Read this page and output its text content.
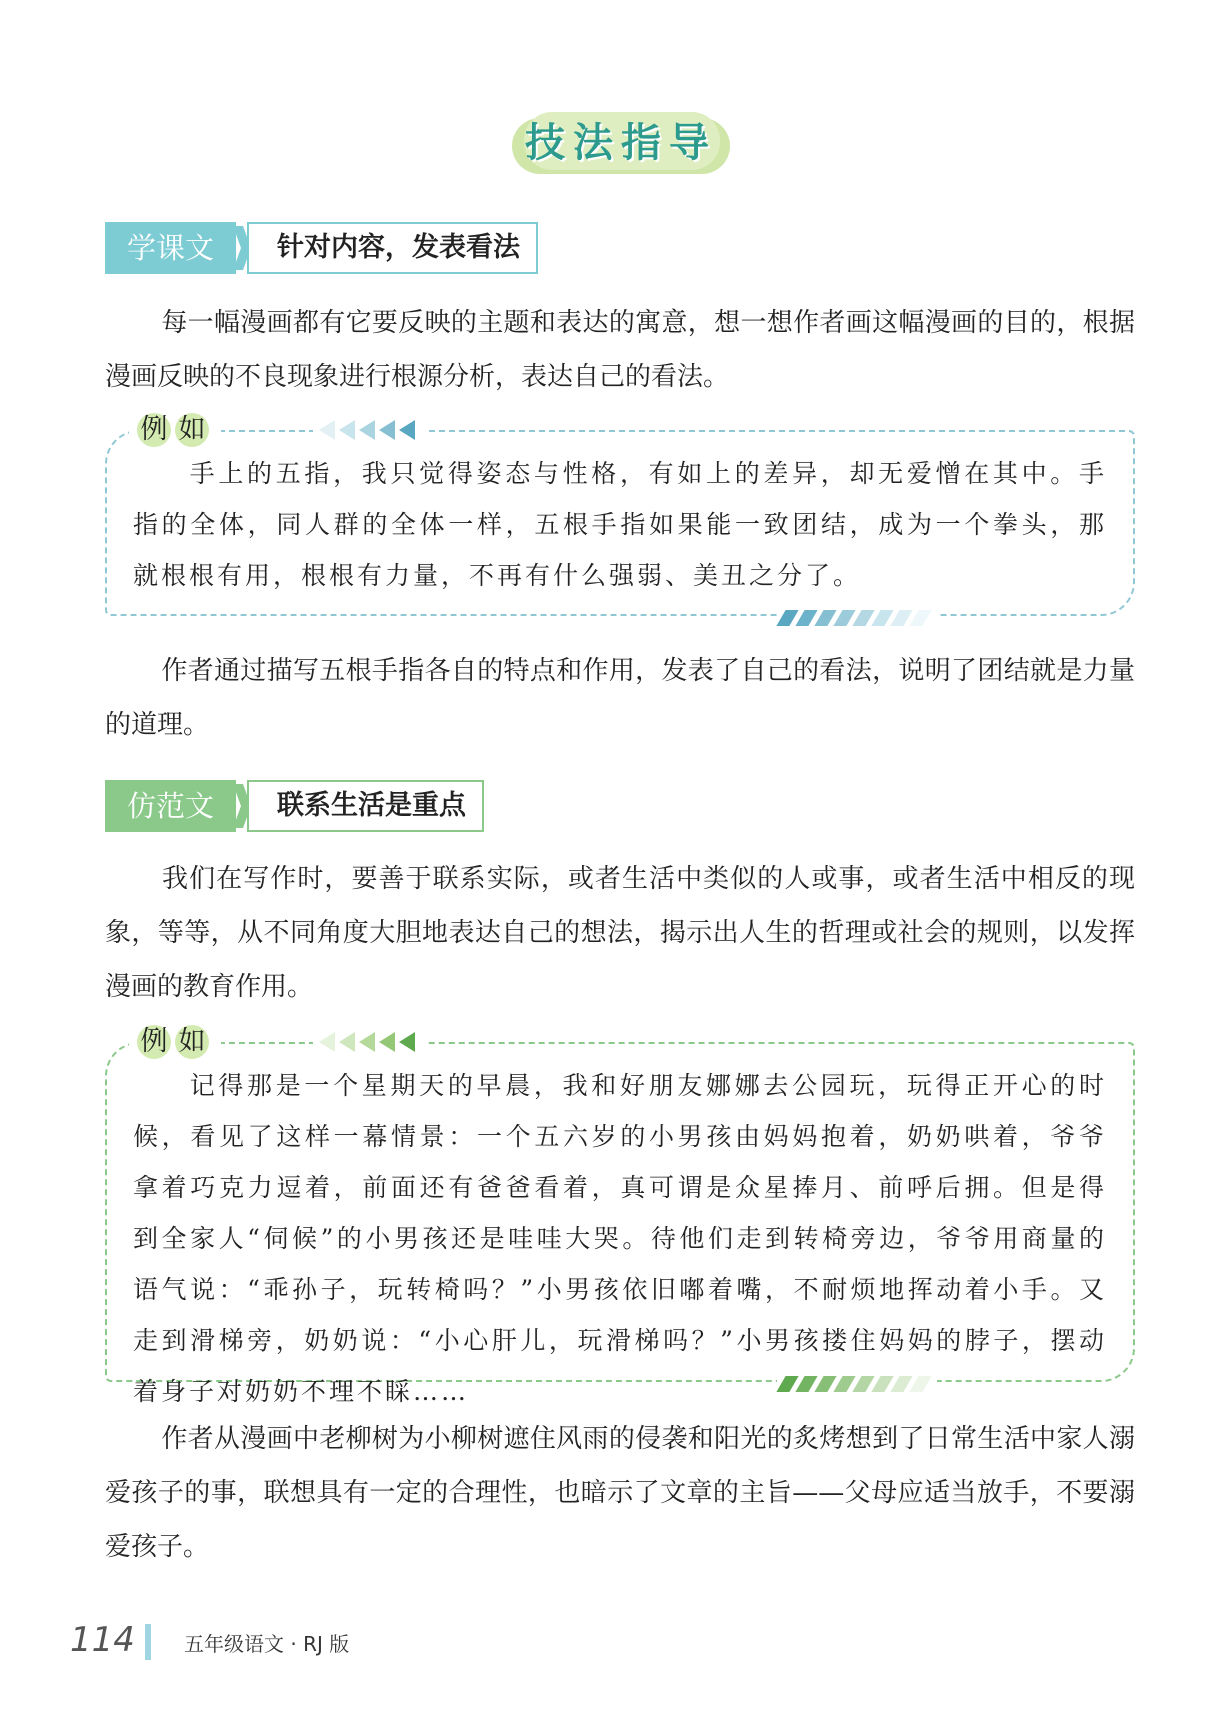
技法指导
学课文	针对内容，发表看法
每一幅漫画都有它要反映的主题和表达的寓意，想一想作者画这幅漫画的目的，根据漫画反映的不良现象进行根源分析，表达自己的看法。
例 如
手上的五指，我只觉得姿态与性格，有如上的差异，却无爱憎在其中。手指的全体，同人群的全体一样，五根手指如果能一致团结，成为一个拳头，那就根根有用，根根有力量，不再有什么强弱、美丑之分了。
作者通过描写五根手指各自的特点和作用，发表了自己的看法，说明了团结就是力量的道理。
仿范文	联系生活是重点
我们在写作时，要善于联系实际，或者生活中类似的人或事，或者生活中相反的现象，等等，从不同角度大胆地表达自己的想法，揭示出人生的哲理或社会的规则，以发挥漫画的教育作用。
例 如
记得那是一个星期天的早晨，我和好朋友娜娜去公园玩，玩得正开心的时候，看见了这样一幕情景：一个五六岁的小男孩由妈妈抱着，奶奶哄着，爷爷拿着巧克力逗着，前面还有爸爸看着，真可谓是众星捧月、前呼后拥。但是得到全家人“伺候”的小男孩还是哇哇大哭。待他们走到转椅旁边，爷爷用商量的语气说：“乖孙子，玩转椅吗？”小男孩依旧嘟着嘴，不耐烦地挥动着小手。又走到滑梯旁，奶奶说：“小心肝儿，玩滑梯吗？”小男孩搂住妈妈的脖子，摆动着身子对奶奶不理不睬……
作者从漫画中老柳树为小柳树遮住风雨的侵袭和阳光的炙烤想到了日常生活中家人溺爱孩子的事，联想具有一定的合理性，也暗示了文章的主旨——父母应适当放手，不要溺爱孩子。
114 五年级语文 · RJ 版
